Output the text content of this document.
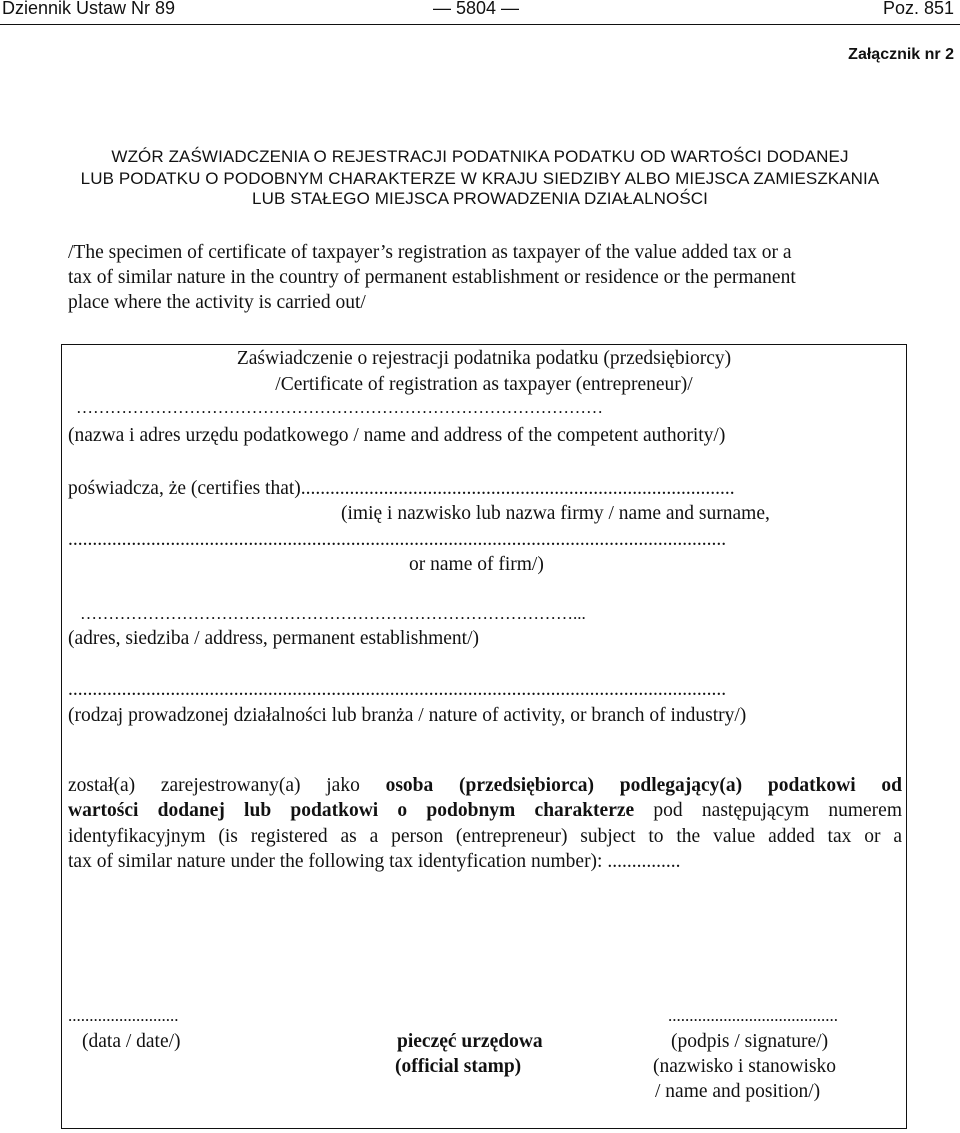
Dziennik Ustaw Nr 89	— 5804 —	Poz. 851
Załącznik nr 2
WZÓR ZAŚWIADCZENIA O REJESTRACJI PODATNIKA PODATKU OD WARTOŚCI DODANEJ
LUB PODATKU O PODOBNYM CHARAKTERZE W KRAJU SIEDZIBY ALBO MIEJSCA ZAMIESZKANIA
LUB STAŁEGO MIEJSCA PROWADZENIA DZIAŁALNOŚCI
/The specimen of certificate of taxpayer’s registration as taxpayer of the value added tax or a
tax of similar nature in the country of permanent establishment or residence or the permanent
place where the activity is carried out/
Zaświadczenie o rejestracji podatnika podatku (przedsiębiorcy)
/Certificate of registration as taxpayer (entrepreneur)/
…………………………………………………………………………………
(nazwa i adres urzędu podatkowego / name and address of the competent authority/)
poświadcza, że (certifies that).........................................................................................
(imię i nazwisko lub nazwa firmy / name and surname,
.......................................................................................................................................
or name of firm/)
……………………………………………………………………………...
(adres, siedziba / address, permanent establishment/)
.......................................................................................................................................
(rodzaj prowadzonej działalności lub branża / nature of activity, or branch of industry/)
został(a) zarejestrowany(a) jako osoba (przedsiębiorca) podlegający(a) podatkowi od
wartości dodanej lub podatkowi o podobnym charakterze pod następującym numerem
identyfikacyjnym (is registered as a person (entrepreneur) subject to the value added tax or a
tax of similar nature under the following tax identyfication number): ...............
..........................
(data / date/)	pieczęć urzędowa
(official stamp)
........................................
(podpis / signature/)
(nazwisko i stanowisko
/ name and position/)
